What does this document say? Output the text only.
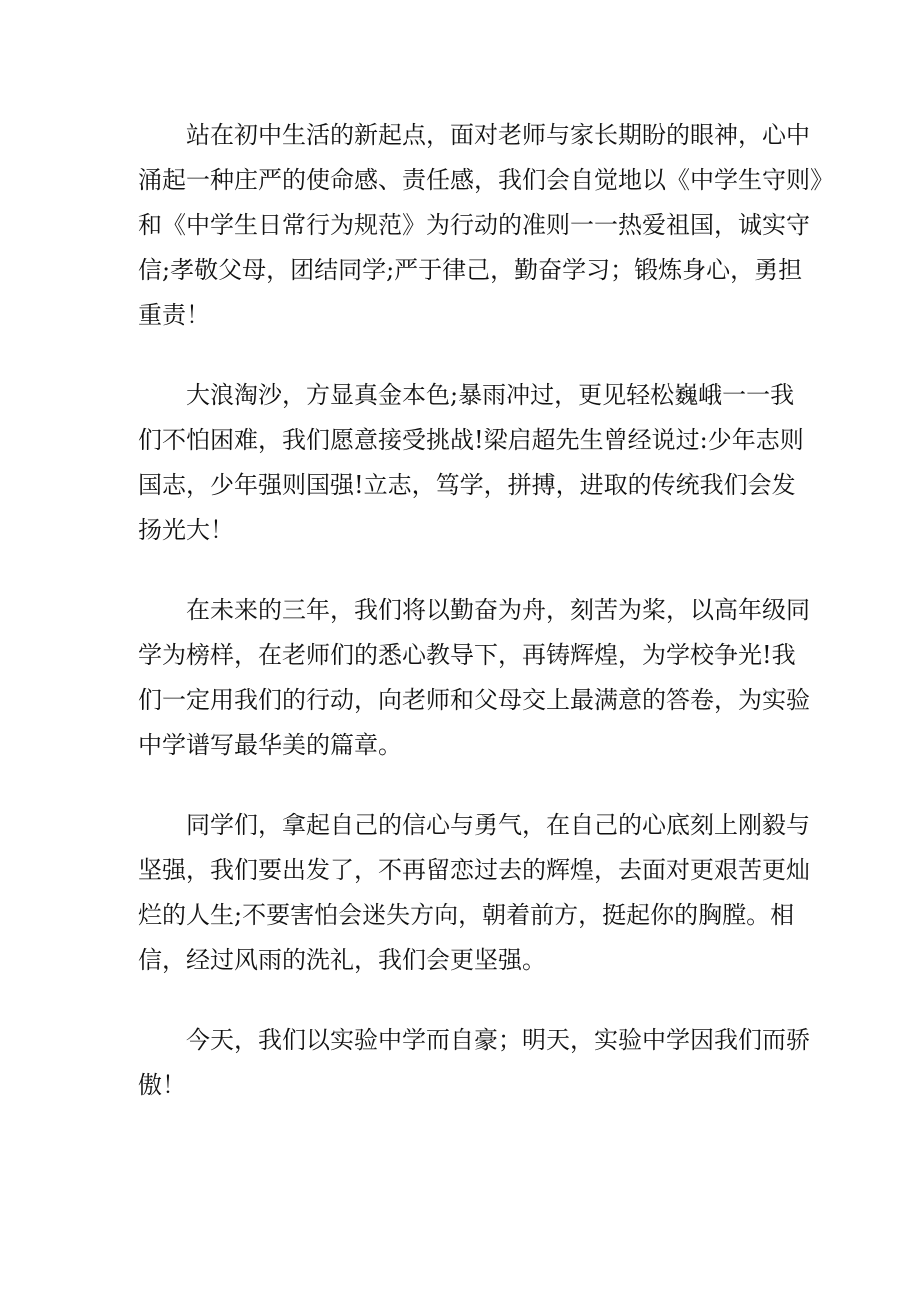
站在初中生活的新起点，面对老师与家长期盼的眼神，心中
涌起一种庄严的使命感、责任感，我们会自觉地以《中学生守则》
和《中学生日常行为规范》为行动的准则一一热爱祖国，诚实守
信;孝敬父母，团结同学;严于律己，勤奋学习；锻炼身心，勇担
重责！
大浪淘沙，方显真金本色;暴雨冲过，更见轻松巍峨一一我
们不怕困难，我们愿意接受挑战!梁启超先生曾经说过:少年志则
国志，少年强则国强!立志，笃学，拼搏，进取的传统我们会发
扬光大！
在未来的三年，我们将以勤奋为舟，刻苦为桨，以高年级同
学为榜样，在老师们的悉心教导下，再铸辉煌，为学校争光!我
们一定用我们的行动，向老师和父母交上最满意的答卷，为实验
中学谱写最华美的篇章。
同学们，拿起自己的信心与勇气，在自己的心底刻上刚毅与
坚强，我们要出发了，不再留恋过去的辉煌，去面对更艰苦更灿
烂的人生;不要害怕会迷失方向，朝着前方，挺起你的胸膛。相
信，经过风雨的洗礼，我们会更坚强。
今天，我们以实验中学而自豪；明天，实验中学因我们而骄
傲！
